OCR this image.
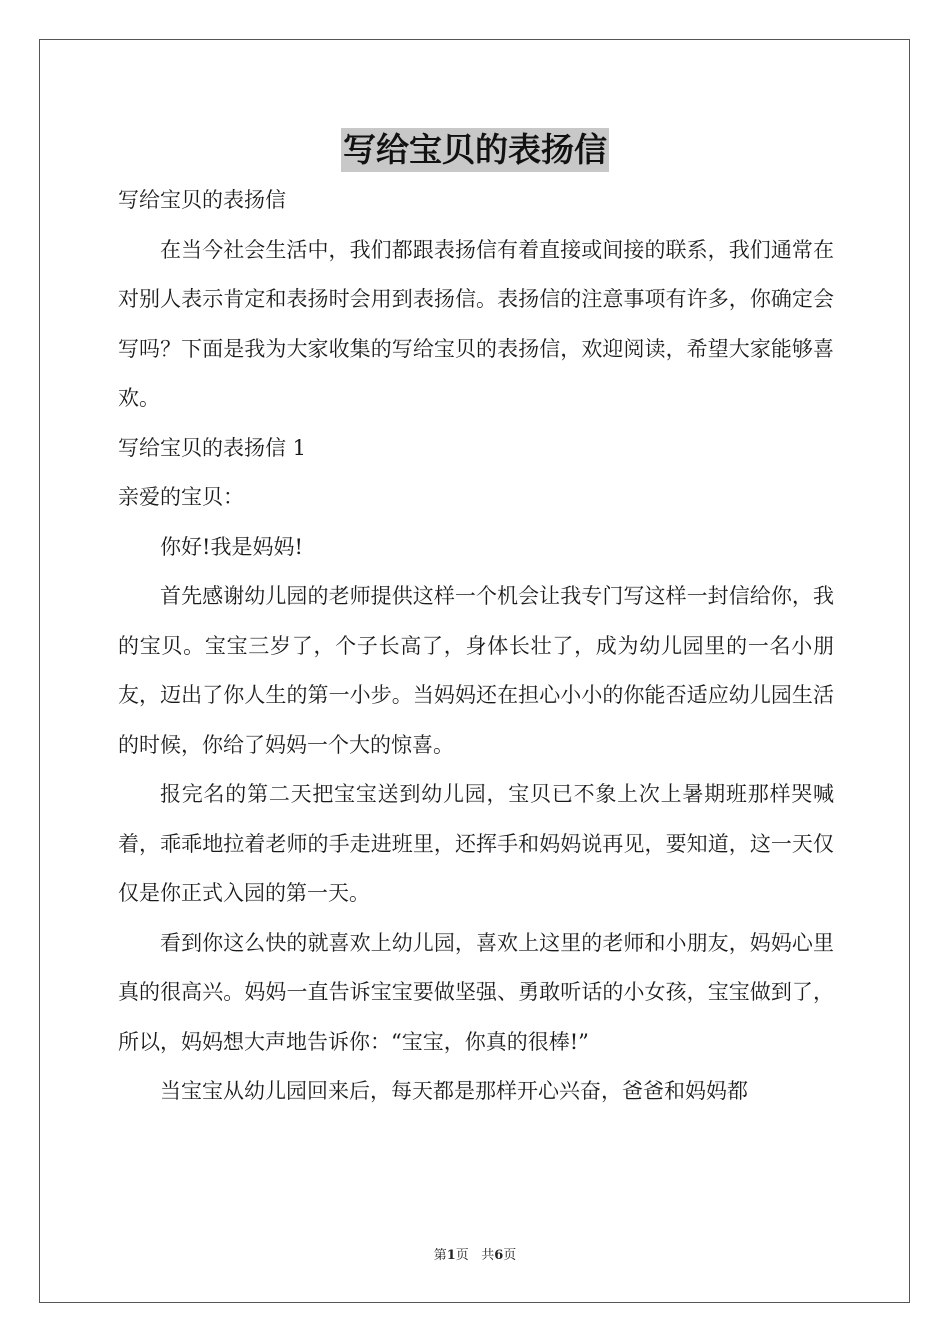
写给宝贝的表扬信

写给宝贝的表扬信

在当今社会生活中，我们都跟表扬信有着直接或间接的联系，我们通常在对别人表示肯定和表扬时会用到表扬信。表扬信的注意事项有许多，你确定会写吗？下面是我为大家收集的写给宝贝的表扬信，欢迎阅读，希望大家能够喜欢。

写给宝贝的表扬信 1

亲爱的宝贝：

你好!我是妈妈!

首先感谢幼儿园的老师提供这样一个机会让我专门写这样一封信给你，我的宝贝。宝宝三岁了，个子长高了，身体长壮了，成为幼儿园里的一名小朋友，迈出了你人生的第一小步。当妈妈还在担心小小的你能否适应幼儿园生活的时候，你给了妈妈一个大的惊喜。

报完名的第二天把宝宝送到幼儿园，宝贝已不象上次上暑期班那样哭喊着，乖乖地拉着老师的手走进班里，还挥手和妈妈说再见，要知道，这一天仅仅是你正式入园的第一天。

看到你这么快的就喜欢上幼儿园，喜欢上这里的老师和小朋友，妈妈心里真的很高兴。妈妈一直告诉宝宝要做坚强、勇敢听话的小女孩，宝宝做到了，所以，妈妈想大声地告诉你：“宝宝，你真的很棒!”

当宝宝从幼儿园回来后，每天都是那样开心兴奋，爸爸和妈妈都

第1页 共6页
